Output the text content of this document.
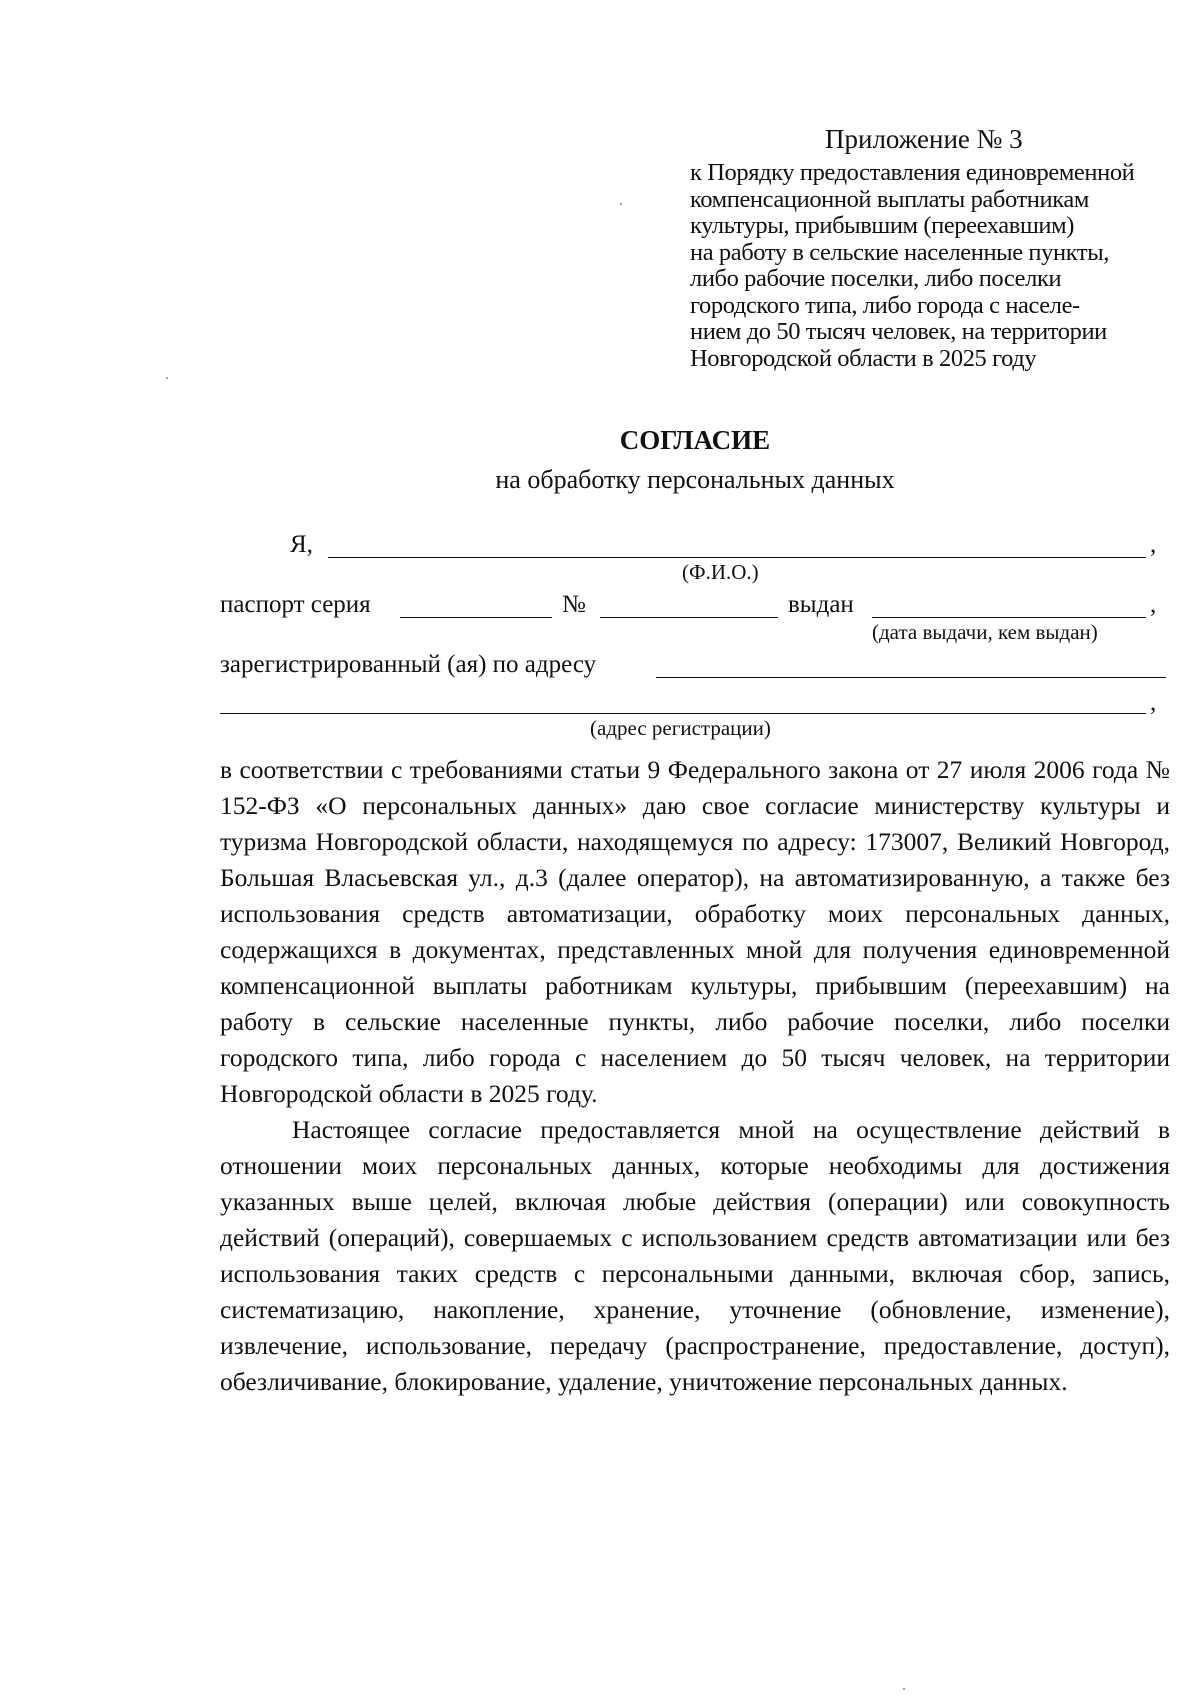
Приложение № 3
к Порядку предоставления единовременной
компенсационной выплаты работникам
культуры, прибывшим (переехавшим)
на работу в сельские населенные пункты,
либо рабочие поселки, либо поселки
городского типа, либо города с населе-
нием до 50 тысяч человек, на территории
Новгородской области в 2025 году
СОГЛАСИЕ
на обработку персональных данных
Я,	,
(Ф.И.О.)
паспорт серия	№	выдан	,
(дата выдачи, кем выдан)
зарегистрированный (ая) по адресу
,
(адрес регистрации)

в соответствии с требованиями статьи 9 Федерального закона от 27 июля 2006 года № 152-ФЗ «О персональных данных» даю свое согласие министерству культуры и туризма Новгородской области, находящемуся по адресу: 173007, Великий Новгород, Большая Власьевская ул., д.3 (далее оператор), на автоматизированную, а также без использования средств автоматизации, обработку моих персональных данных, содержащихся в документах, представленных мной для получения единовременной компенсационной выплаты работникам культуры, прибывшим (переехавшим) на работу в сельские населенные пункты, либо рабочие поселки, либо поселки городского типа, либо города с населением до 50 тысяч человек, на территории Новгородской области в 2025 году.

Настоящее согласие предоставляется мной на осуществление действий в отношении моих персональных данных, которые необходимы для достижения указанных выше целей, включая любые действия (операции) или совокупность действий (операций), совершаемых с использованием средств автоматизации или без использования таких средств с персональными данными, включая сбор, запись, систематизацию, накопление, хранение, уточнение (обновление, изменение), извлечение, использование, передачу (распространение, предоставление, доступ), обезличивание, блокирование, удаление, уничтожение персональных данных.
